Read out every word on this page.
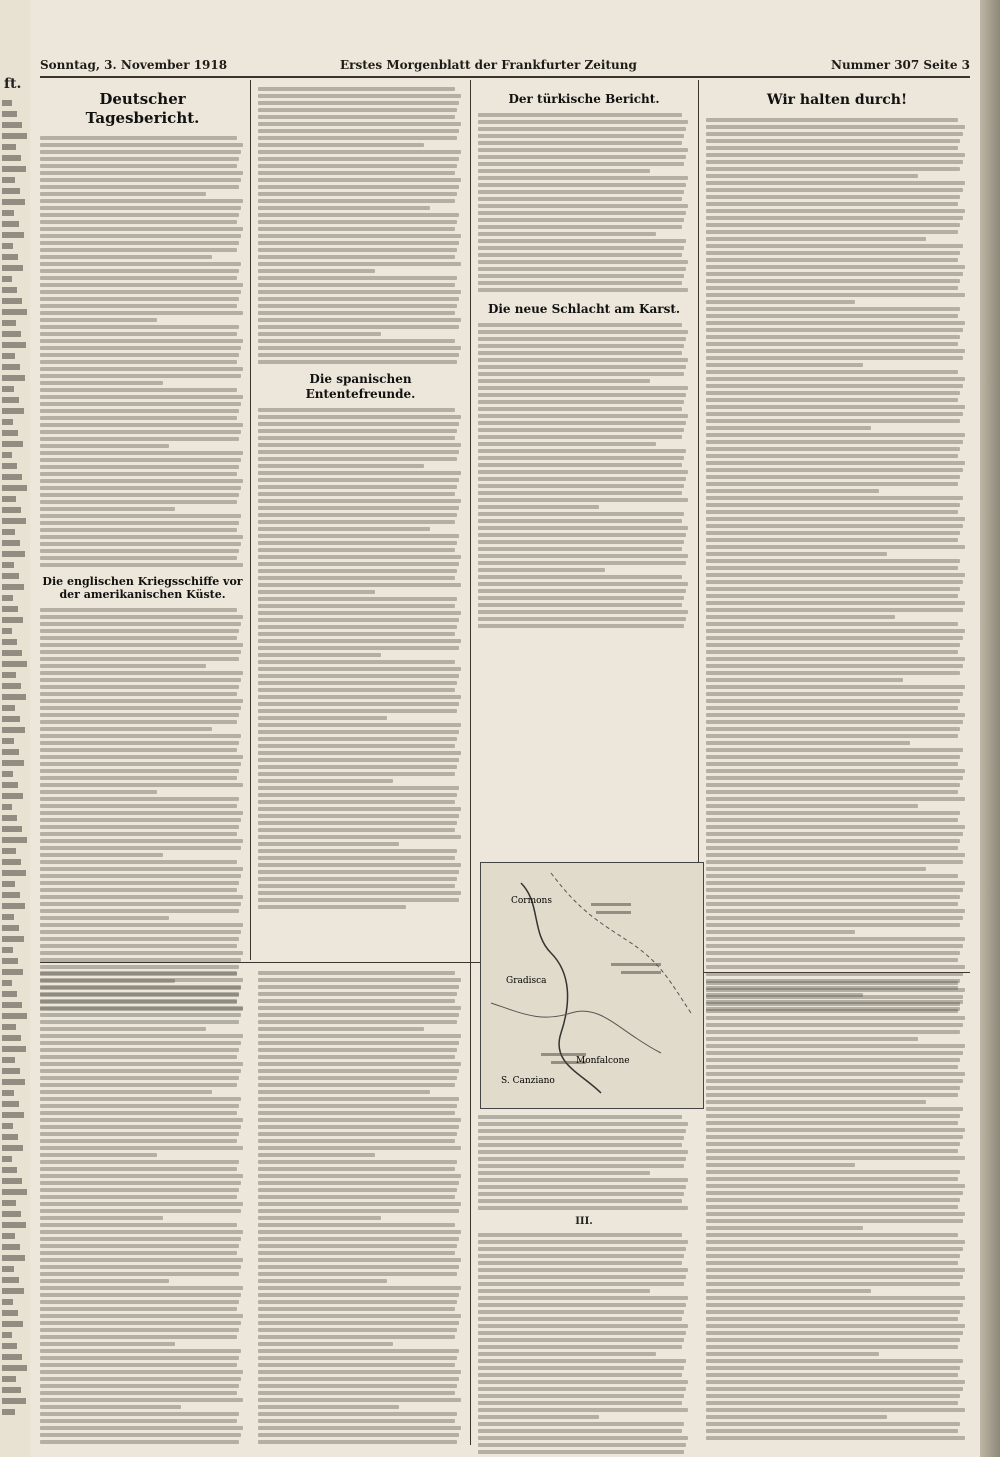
ft.
Sonntag, 3. November 1918	Erstes Morgenblatt der Frankfurter Zeitung	Nummer 307 Seite 3
Deutscher Tagesbericht.
Die englischen Kriegsschiffe vor der amerikanischen Küste.
Die spanischen Ententefreunde.
Der türkische Bericht.
Die neue Schlacht am Karst.
Wir halten durch!
III.
Cormons
Gradisca
S. Canziano
Monfalcone
